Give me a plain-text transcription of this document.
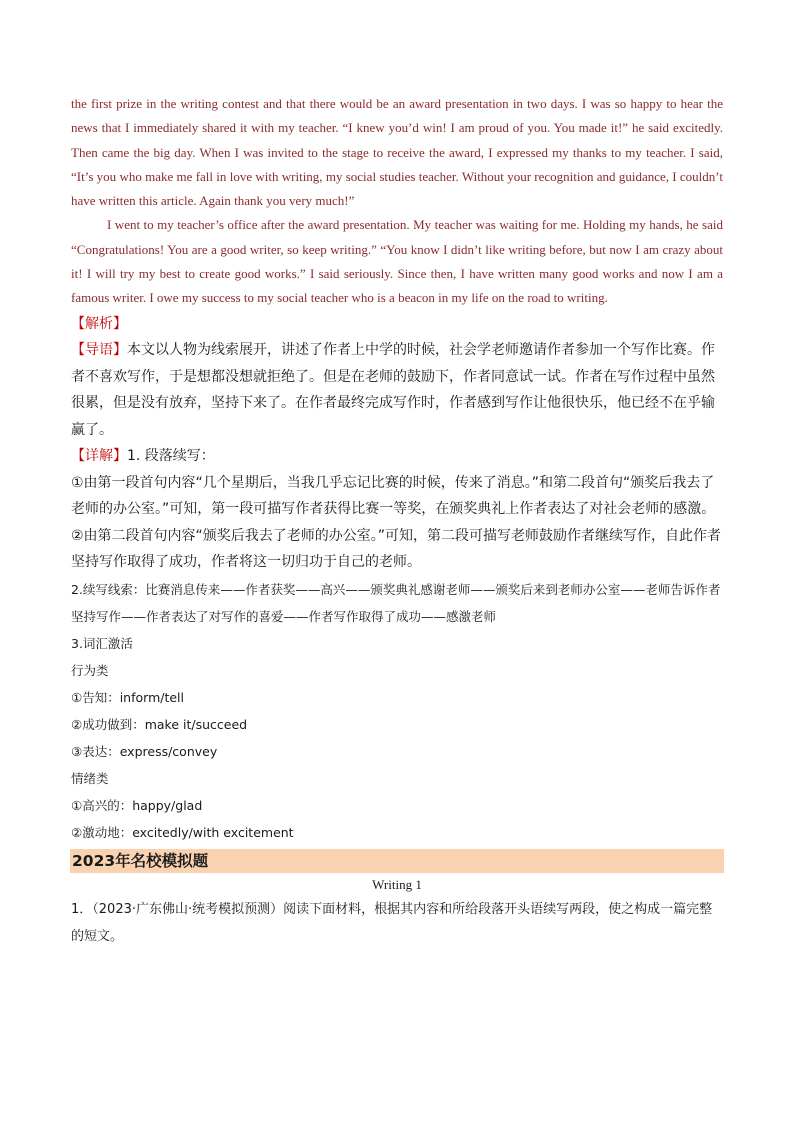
the first prize in the writing contest and that there would be an award presentation in two days. I was so happy to hear the news that I immediately shared it with my teacher. “I knew you’d win! I am proud of you. You made it!” he said excitedly. Then came the big day. When I was invited to the stage to receive the award, I expressed my thanks to my teacher. I said, “It’s you who make me fall in love with writing, my social studies teacher. Without your recognition and guidance, I couldn’t have written this article. Again thank you very much!”

I went to my teacher’s office after the award presentation. My teacher was waiting for me. Holding my hands, he said “Congratulations! You are a good writer, so keep writing.” “You know I didn’t like writing before, but now I am crazy about it! I will try my best to create good works.” I said seriously. Since then, I have written many good works and now I am a famous writer. I owe my success to my social teacher who is a beacon in my life on the road to writing.

【解析】

【导语】本文以人物为线索展开，讲述了作者上中学的时候，社会学老师邀请作者参加一个写作比赛。作者不喜欢写作，于是想都没想就拒绝了。但是在老师的鼓励下，作者同意试一试。作者在写作过程中虽然很累，但是没有放弃，坚持下来了。在作者最终完成写作时，作者感到写作让他很快乐，他已经不在乎输赢了。

【详解】1. 段落续写：

①由第一段首句内容“几个星期后，当我几乎忘记比赛的时候，传来了消息。”和第二段首句“颁奖后我去了老师的办公室。”可知，第一段可描写作者获得比赛一等奖，在颁奖典礼上作者表达了对社会老师的感激。

②由第二段首句内容“颁奖后我去了老师的办公室。”可知，第二段可描写老师鼓励作者继续写作，自此作者坚持写作取得了成功，作者将这一切归功于自己的老师。

2.续写线索：比赛消息传来——作者获奖——高兴——颁奖典礼感谢老师——颁奖后来到老师办公室——老师告诉作者坚持写作——作者表达了对写作的喜爱——作者写作取得了成功——感激老师

3.词汇激活

行为类

①告知：inform/tell

②成功做到：make it/succeed

③表达：express/convey

情绪类

①高兴的：happy/glad

②激动地：excitedly/with excitement

2023年名校模拟题

Writing 1

1．（2023·广东佛山·统考模拟预测）阅读下面材料，根据其内容和所给段落开头语续写两段，使之构成一篇完整的短文。
